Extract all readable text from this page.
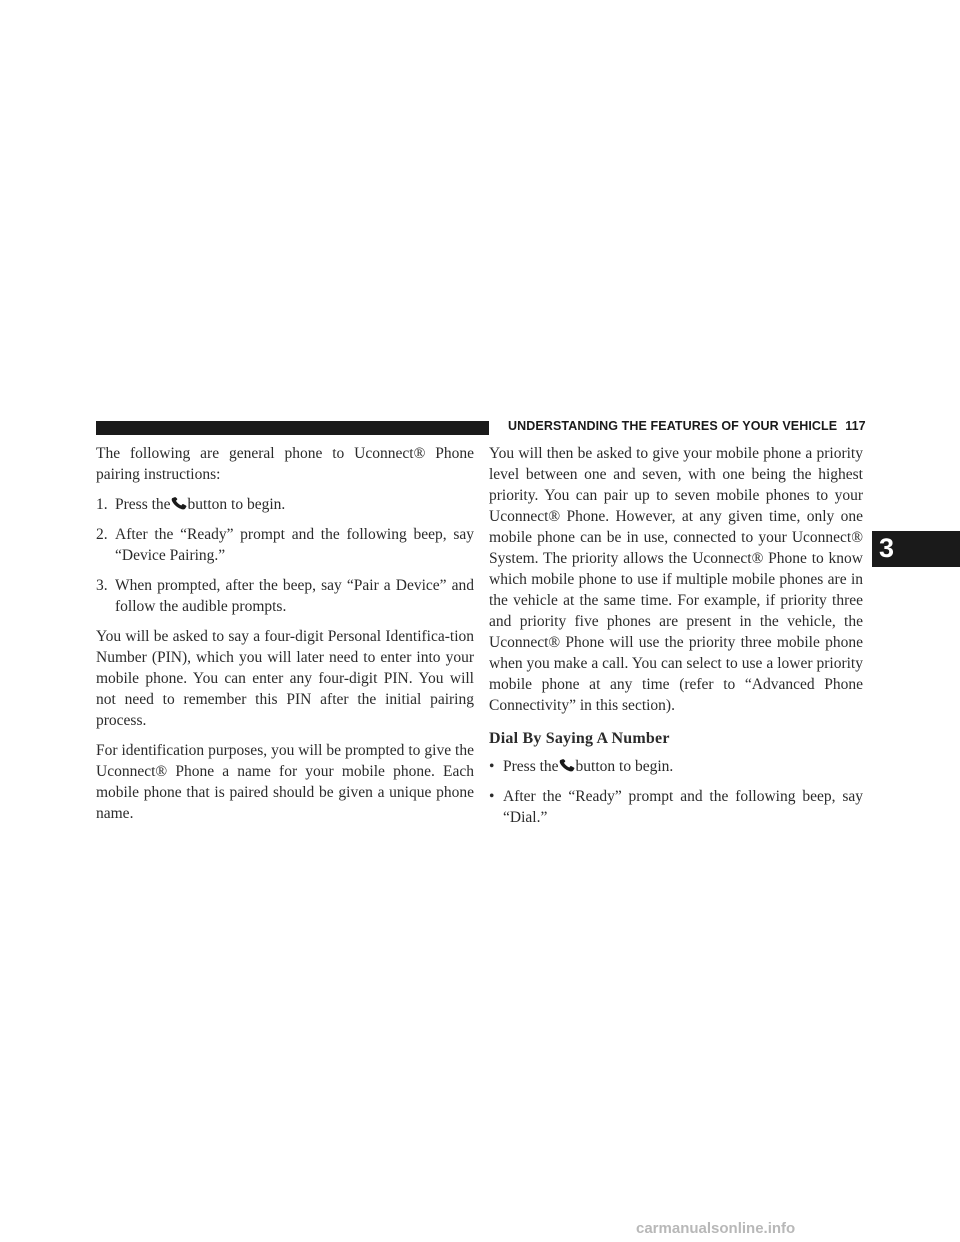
UNDERSTANDING THE FEATURES OF YOUR VEHICLE 117
3

The following are general phone to Uconnect® Phone pairing instructions:

1. Press the button to begin.
2. After the “Ready” prompt and the following beep, say “Device Pairing.”
3. When prompted, after the beep, say “Pair a Device” and follow the audible prompts.

You will be asked to say a four-digit Personal Identifica-tion Number (PIN), which you will later need to enter into your mobile phone. You can enter any four-digit PIN. You will not need to remember this PIN after the initial pairing process.

For identification purposes, you will be prompted to give the Uconnect® Phone a name for your mobile phone. Each mobile phone that is paired should be given a unique phone name.

You will then be asked to give your mobile phone a priority level between one and seven, with one being the highest priority. You can pair up to seven mobile phones to your Uconnect® Phone. However, at any given time, only one mobile phone can be in use, connected to your Uconnect® System. The priority allows the Uconnect® Phone to know which mobile phone to use if multiple mobile phones are in the vehicle at the same time. For example, if priority three and priority five phones are present in the vehicle, the Uconnect® Phone will use the priority three mobile phone when you make a call. You can select to use a lower priority mobile phone at any time (refer to “Advanced Phone Connectivity” in this section).

Dial By Saying A Number
• Press the button to begin.
• After the “Ready” prompt and the following beep, say “Dial.”
carmanualsonline.info
